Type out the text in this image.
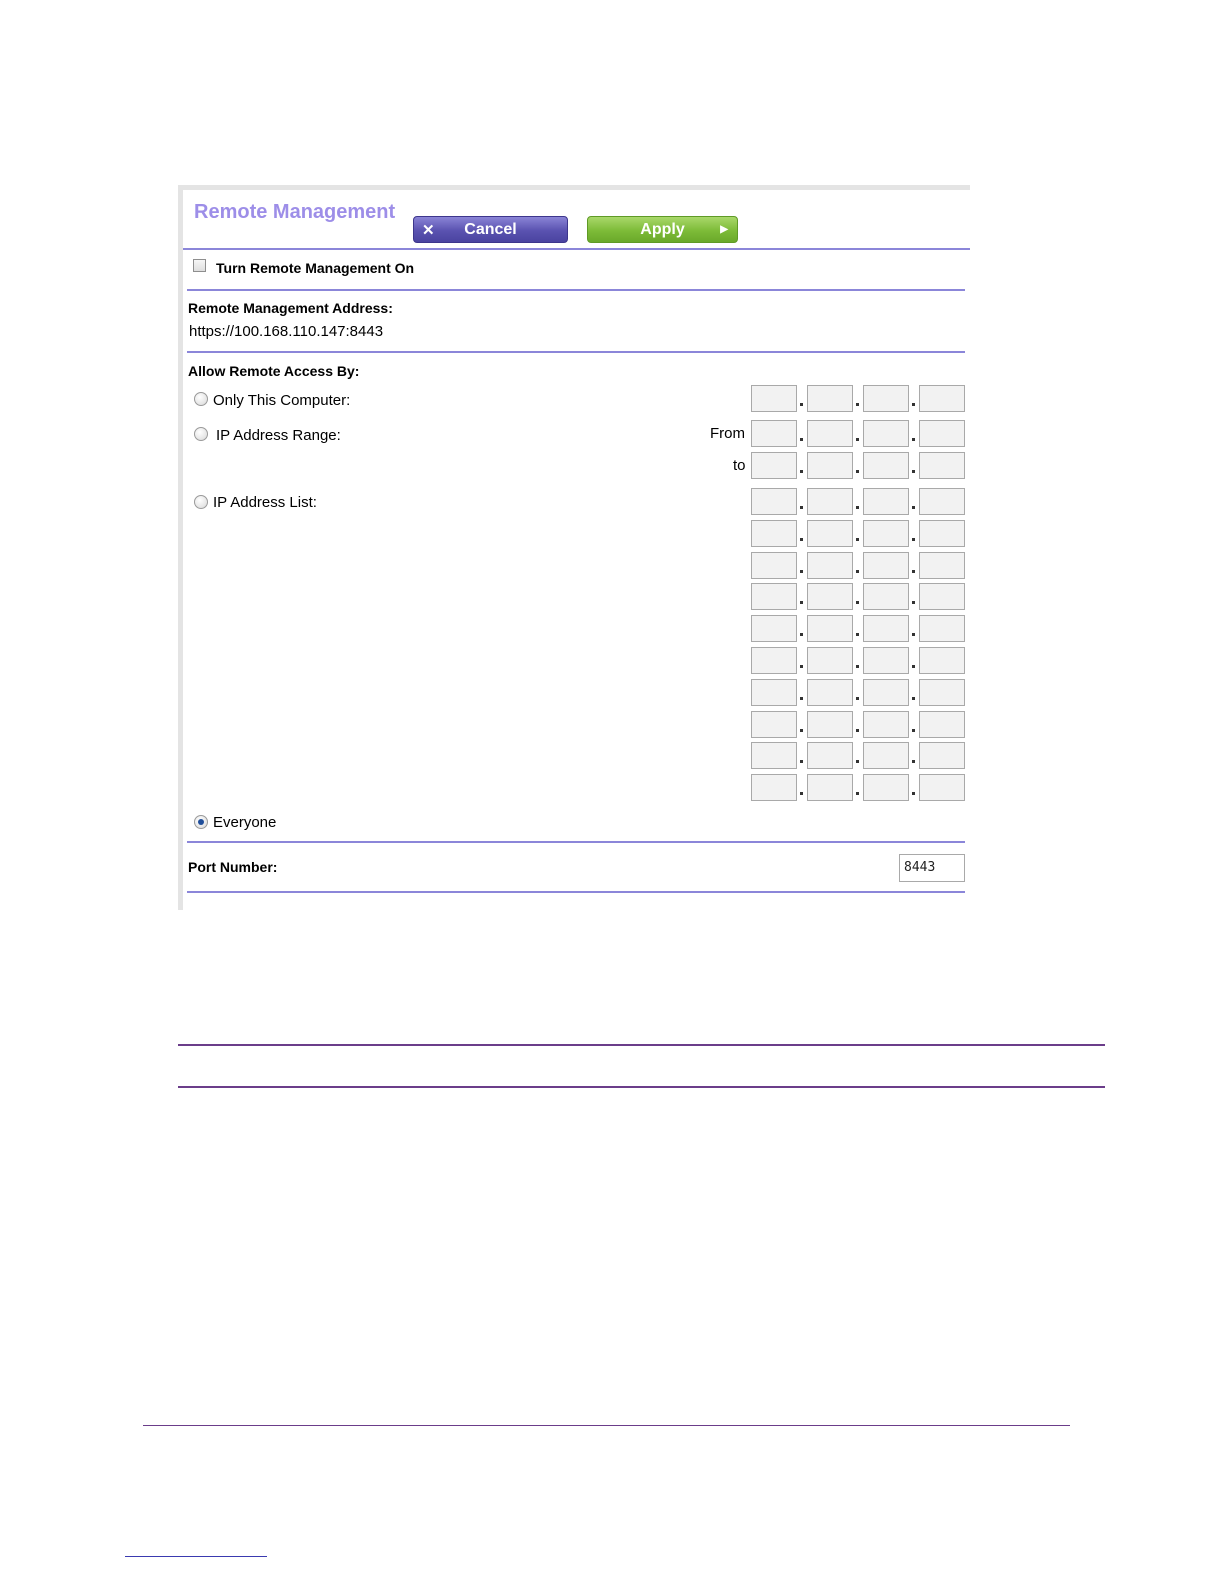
Remote Management
✕	Cancel	Apply	▶
Turn Remote Management On
Remote Management Address:
https://100.168.110.147:8443
Allow Remote Access By:
Only This Computer:
IP Address Range:	From
to
IP Address List:
Everyone
Port Number:	8443
